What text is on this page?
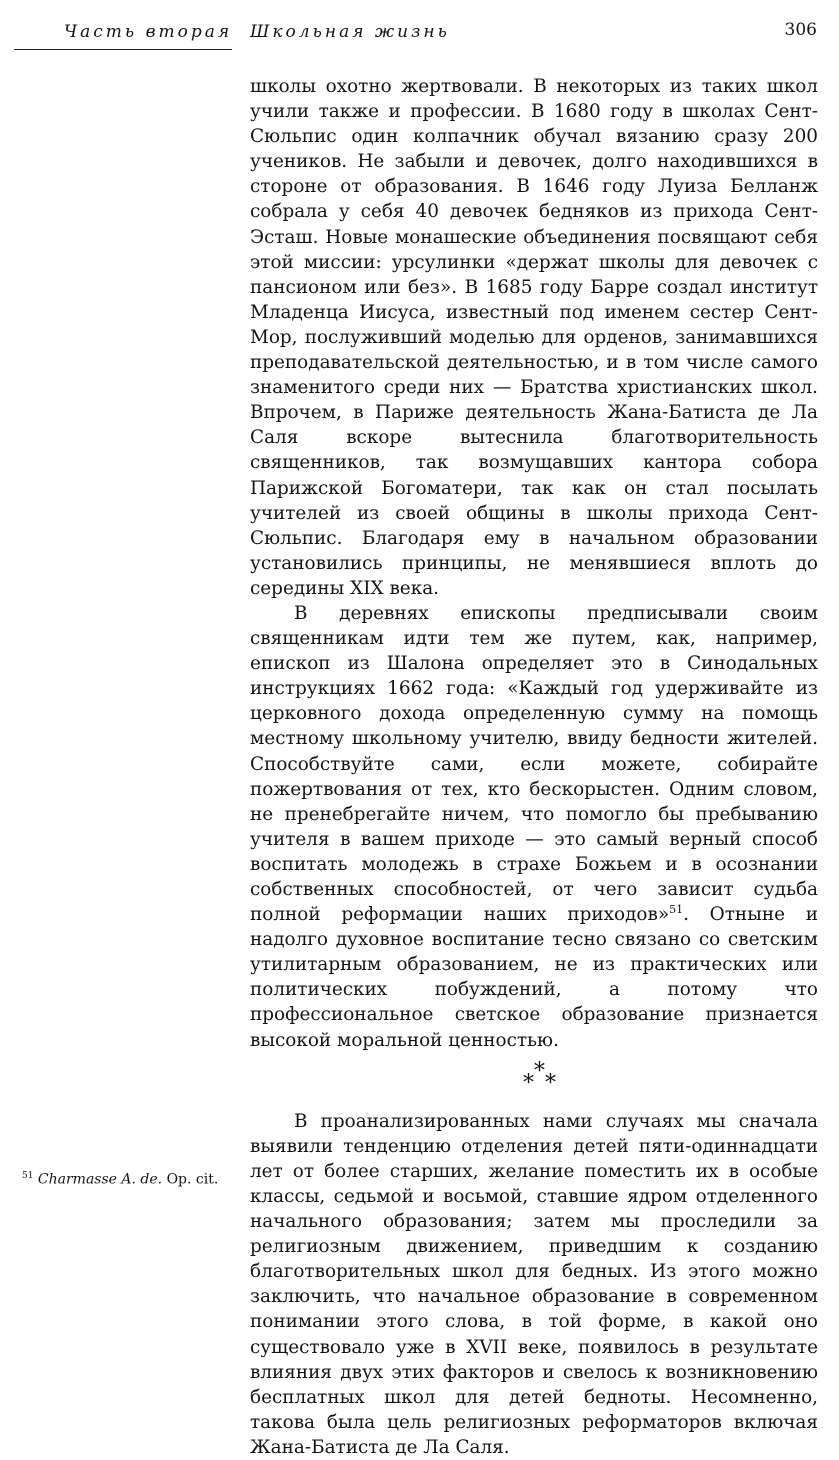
Часть вторая Школьная жизнь	306

школы охотно жертвовали. В некоторых из таких школ учили также и профессии. В 1680 году в школах Сент-Сюльпис один колпачник обучал вязанию сразу 200 учеников. Не забыли и девочек, долго находившихся в стороне от образования. В 1646 году Луиза Белланж собрала у себя 40 девочек бедняков из прихода Сент-Эсташ. Новые монашеские объединения посвящают себя этой миссии: урсулинки «держат школы для девочек с пансионом или без». В 1685 году Барре создал институт Младенца Иисуса, известный под именем сестер Сент-Мор, послуживший моделью для орденов, занимавшихся преподавательской деятельностью, и в том числе самого знаменитого среди них — Братства христианских школ. Впрочем, в Париже деятельность Жана-Батиста де Ла Саля вскоре вытеснила благотворительность священников, так возмущавших кантора собора Парижской Богоматери, так как он стал посылать учителей из своей общины в школы прихода Сент-Сюльпис. Благодаря ему в начальном образовании установились принципы, не менявшиеся вплоть до середины XIX века.

В деревнях епископы предписывали своим священникам идти тем же путем, как, например, епископ из Шалона определяет это в Синодальных инструкциях 1662 года: «Каждый год удерживайте из церковного дохода определенную сумму на помощь местному школьному учителю, ввиду бедности жителей. Способствуйте сами, если можете, собирайте пожертвования от тех, кто бескорыстен. Одним словом, не пренебрегайте ничем, что помогло бы пребыванию учителя в вашем приходе — это самый верный способ воспитать молодежь в страхе Божьем и в осознании собственных способностей, от чего зависит судьба полной реформации наших приходов»$^{51}$. Отныне и надолго духовное воспитание тесно связано со светским утилитарным образованием, не из практических или политических побуждений, а потому что профессиональное светское образование признается высокой моральной ценностью.

*
* *

В проанализированных нами случаях мы сначала выявили тенденцию отделения детей пяти-одиннадцати лет от более старших, желание поместить их в особые классы, седьмой и восьмой, ставшие ядром отделенного начального образования; затем мы проследили за религиозным движением, приведшим к созданию благотворительных школ для бедных. Из этого можно заключить, что начальное образование в современном понимании этого слова, в той форме, в какой оно существовало уже в XVII веке, появилось в результате влияния двух этих факторов и свелось к возникновению бесплатных школ для детей бедноты. Несомненно, такова была цель религиозных реформаторов включая Жана-Батиста де Ла Саля.

$^{51}$ Charmasse A. de. Op. cit.
